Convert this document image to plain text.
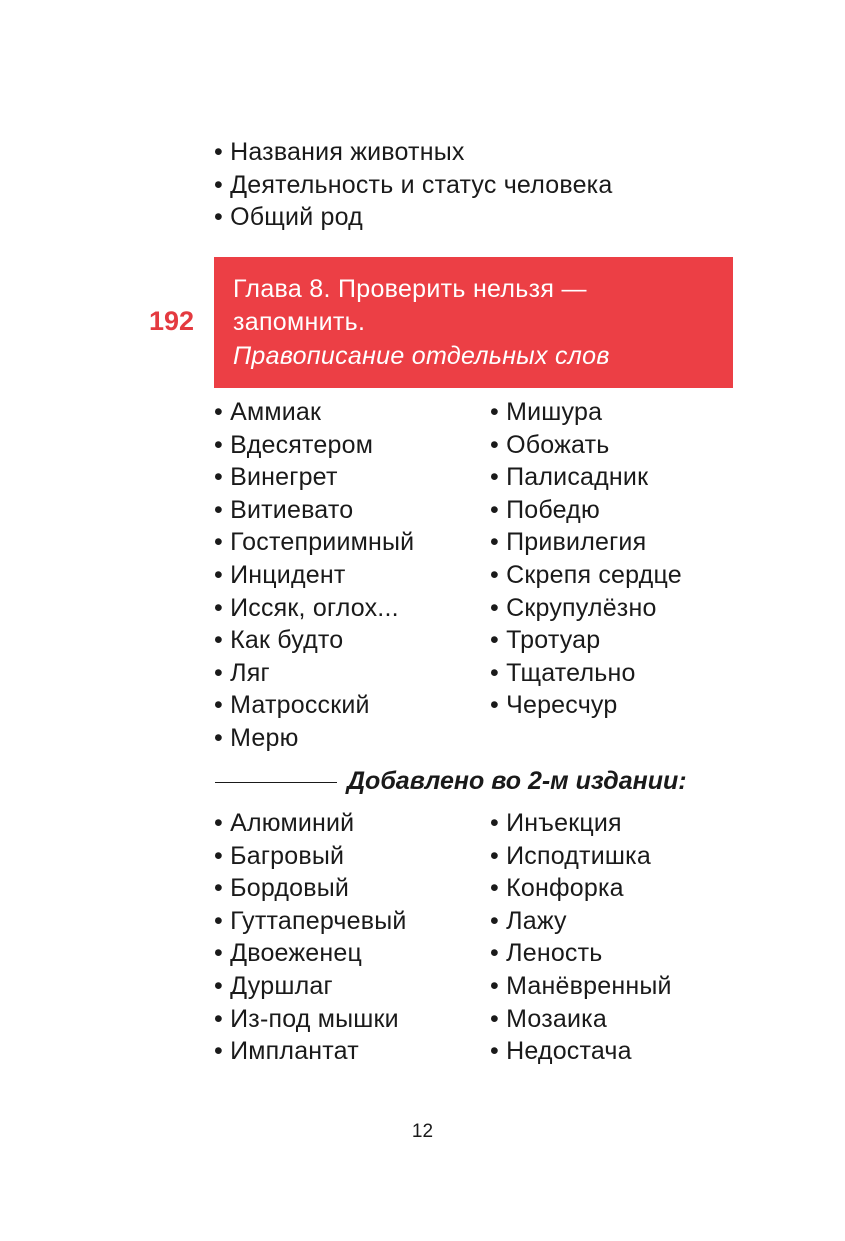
• Названия животных
• Деятельность и статус человека
• Общий род
192
Глава 8. Проверить нельзя —
запомнить.
Правописание отдельных слов
• Аммиак
• Вдесятером
• Винегрет
• Витиевато
• Гостеприимный
• Инцидент
• Иссяк, оглох...
• Как будто
• Ляг
• Матросский
• Мерю
• Мишура
• Обожать
• Палисадник
• Победю
• Привилегия
• Скрепя сердце
• Скрупулёзно
• Тротуар
• Тщательно
• Чересчур
Добавлено во 2-м издании:
• Алюминий
• Багровый
• Бордовый
• Гуттаперчевый
• Двоеженец
• Дуршлаг
• Из-под мышки
• Имплантат
• Инъекция
• Исподтишка
• Конфорка
• Лажу
• Леность
• Манёвренный
• Мозаика
• Недостача
12
